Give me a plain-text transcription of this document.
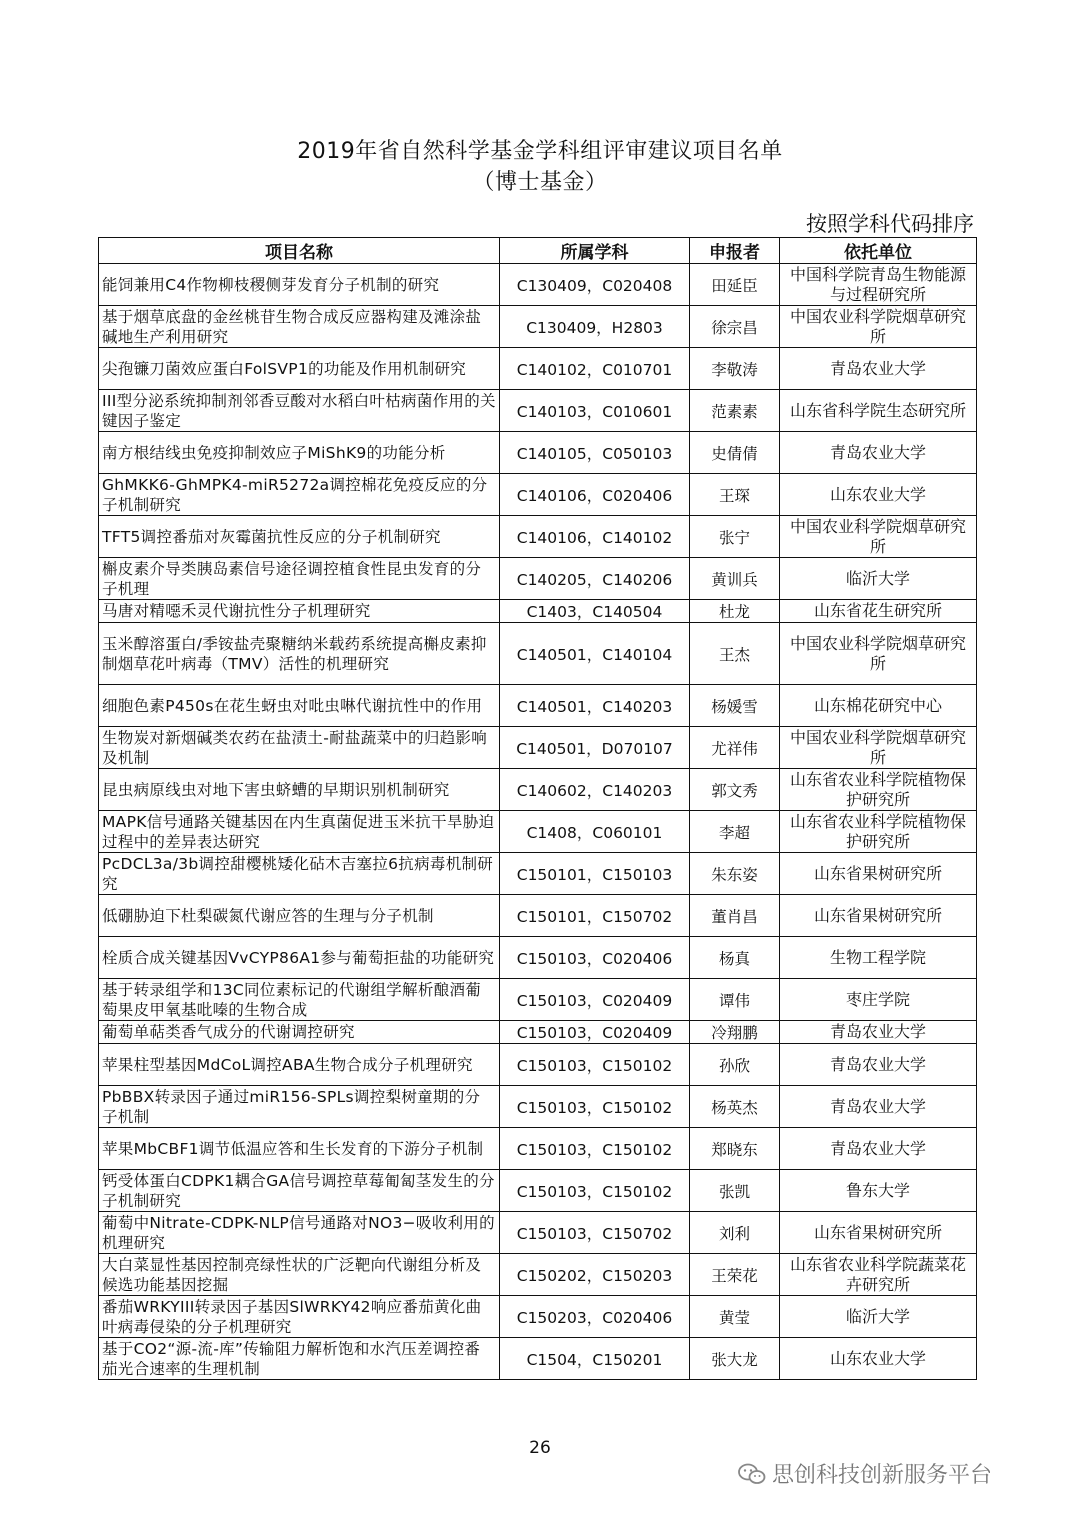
2019年省自然科学基金学科组评审建议项目名单
（博士基金）
按照学科代码排序
项目名称	所属学科	申报者	依托单位
能饲兼用C4作物柳枝稷侧芽发育分子机制的研究	C130409，C020408	田延臣	中国科学院青岛生物能源与过程研究所
基于烟草底盘的金丝桃苷生物合成反应器构建及滩涂盐碱地生产利用研究	C130409，H2803	徐宗昌	中国农业科学院烟草研究所
尖孢镰刀菌效应蛋白FolSVP1的功能及作用机制研究	C140102，C010701	李敬涛	青岛农业大学
III型分泌系统抑制剂邻香豆酸对水稻白叶枯病菌作用的关键因子鉴定	C140103，C010601	范素素	山东省科学院生态研究所
南方根结线虫免疫抑制效应子MiShK9的功能分析	C140105，C050103	史倩倩	青岛农业大学
GhMKK6-GhMPK4-miR5272a调控棉花免疫反应的分子机制研究	C140106，C020406	王琛	山东农业大学
TFT5调控番茄对灰霉菌抗性反应的分子机制研究	C140106，C140102	张宁	中国农业科学院烟草研究所
槲皮素介导类胰岛素信号途径调控植食性昆虫发育的分子机理	C140205，C140206	黄训兵	临沂大学
马唐对精噁禾灵代谢抗性分子机理研究	C1403，C140504	杜龙	山东省花生研究所
玉米醇溶蛋白/季铵盐壳聚糖纳米载药系统提高槲皮素抑制烟草花叶病毒（TMV）活性的机理研究	C140501，C140104	王杰	中国农业科学院烟草研究所
细胞色素P450s在花生蚜虫对吡虫啉代谢抗性中的作用	C140501，C140203	杨媛雪	山东棉花研究中心
生物炭对新烟碱类农药在盐渍土-耐盐蔬菜中的归趋影响及机制	C140501，D070107	尤祥伟	中国农业科学院烟草研究所
昆虫病原线虫对地下害虫蛴螬的早期识别机制研究	C140602，C140203	郭文秀	山东省农业科学院植物保护研究所
MAPK信号通路关键基因在内生真菌促进玉米抗干旱胁迫过程中的差异表达研究	C1408，C060101	李超	山东省农业科学院植物保护研究所
PcDCL3a/3b调控甜樱桃矮化砧木吉塞拉6抗病毒机制研究	C150101，C150103	朱东姿	山东省果树研究所
低硼胁迫下杜梨碳氮代谢应答的生理与分子机制	C150101，C150702	董肖昌	山东省果树研究所
栓质合成关键基因VvCYP86A1参与葡萄拒盐的功能研究	C150103，C020406	杨真	生物工程学院
基于转录组学和13C同位素标记的代谢组学解析酿酒葡萄果皮甲氧基吡嗪的生物合成	C150103，C020409	谭伟	枣庄学院
葡萄单萜类香气成分的代谢调控研究	C150103，C020409	冷翔鹏	青岛农业大学
苹果柱型基因MdCoL调控ABA生物合成分子机理研究	C150103，C150102	孙欣	青岛农业大学
PbBBX转录因子通过miR156-SPLs调控梨树童期的分子机制	C150103，C150102	杨英杰	青岛农业大学
苹果MbCBF1调节低温应答和生长发育的下游分子机制	C150103，C150102	郑晓东	青岛农业大学
钙受体蛋白CDPK1耦合GA信号调控草莓匍匐茎发生的分子机制研究	C150103，C150102	张凯	鲁东大学
葡萄中Nitrate-CDPK-NLP信号通路对NO3−吸收利用的机理研究	C150103，C150702	刘利	山东省果树研究所
大白菜显性基因控制亮绿性状的广泛靶向代谢组分析及候选功能基因挖掘	C150202，C150203	王荣花	山东省农业科学院蔬菜花卉研究所
番茄WRKYIII转录因子基因SlWRKY42响应番茄黄化曲叶病毒侵染的分子机理研究	C150203，C020406	黄莹	临沂大学
基于CO2“源-流-库”传输阻力解析饱和水汽压差调控番茄光合速率的生理机制	C1504，C150201	张大龙	山东农业大学
26
思创科技创新服务平台
